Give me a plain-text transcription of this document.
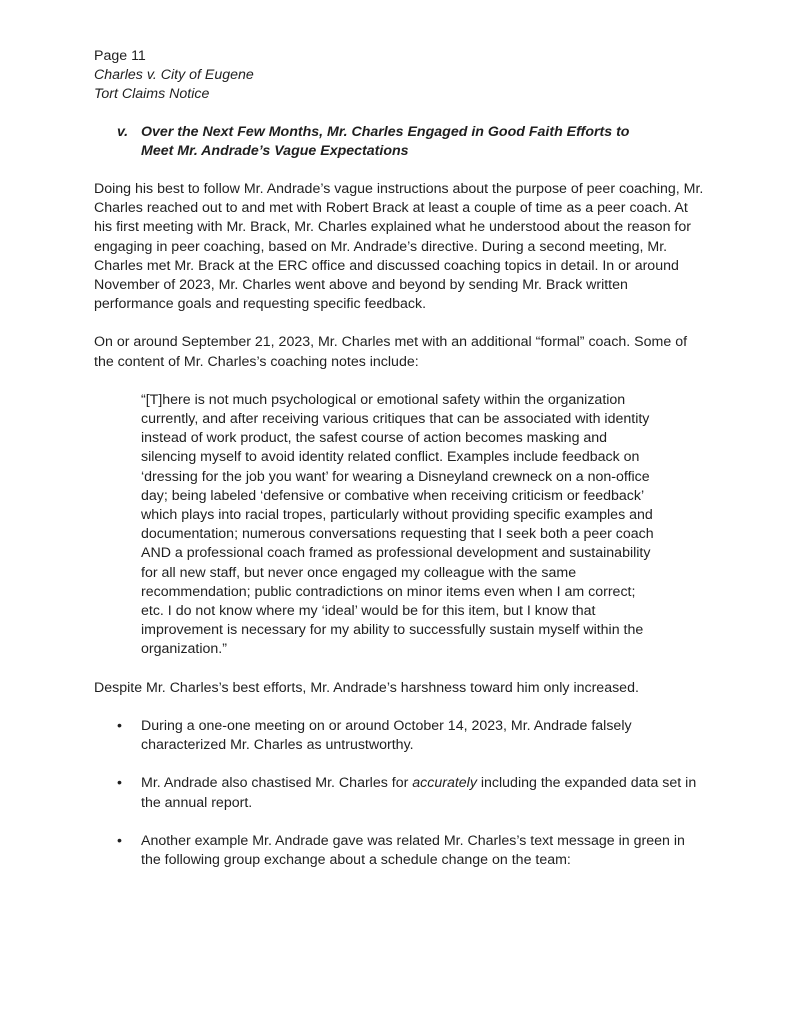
Page 11
Charles v. City of Eugene
Tort Claims Notice
v. Over the Next Few Months, Mr. Charles Engaged in Good Faith Efforts to Meet Mr. Andrade’s Vague Expectations

Doing his best to follow Mr. Andrade’s vague instructions about the purpose of peer coaching, Mr. Charles reached out to and met with Robert Brack at least a couple of time as a peer coach. At his first meeting with Mr. Brack, Mr. Charles explained what he understood about the reason for engaging in peer coaching, based on Mr. Andrade’s directive. During a second meeting, Mr. Charles met Mr. Brack at the ERC office and discussed coaching topics in detail. In or around November of 2023, Mr. Charles went above and beyond by sending Mr. Brack written performance goals and requesting specific feedback.

On or around September 21, 2023, Mr. Charles met with an additional “formal” coach. Some of the content of Mr. Charles’s coaching notes include:

“[T]here is not much psychological or emotional safety within the organization currently, and after receiving various critiques that can be associated with identity instead of work product, the safest course of action becomes masking and silencing myself to avoid identity related conflict. Examples include feedback on ‘dressing for the job you want’ for wearing a Disneyland crewneck on a non-office day; being labeled ‘defensive or combative when receiving criticism or feedback’ which plays into racial tropes, particularly without providing specific examples and documentation; numerous conversations requesting that I seek both a peer coach AND a professional coach framed as professional development and sustainability for all new staff, but never once engaged my colleague with the same recommendation; public contradictions on minor items even when I am correct; etc. I do not know where my ‘ideal’ would be for this item, but I know that improvement is necessary for my ability to successfully sustain myself within the organization.”

Despite Mr. Charles’s best efforts, Mr. Andrade’s harshness toward him only increased.

• During a one-one meeting on or around October 14, 2023, Mr. Andrade falsely characterized Mr. Charles as untrustworthy.
• Mr. Andrade also chastised Mr. Charles for accurately including the expanded data set in the annual report.
• Another example Mr. Andrade gave was related Mr. Charles’s text message in green in the following group exchange about a schedule change on the team:
